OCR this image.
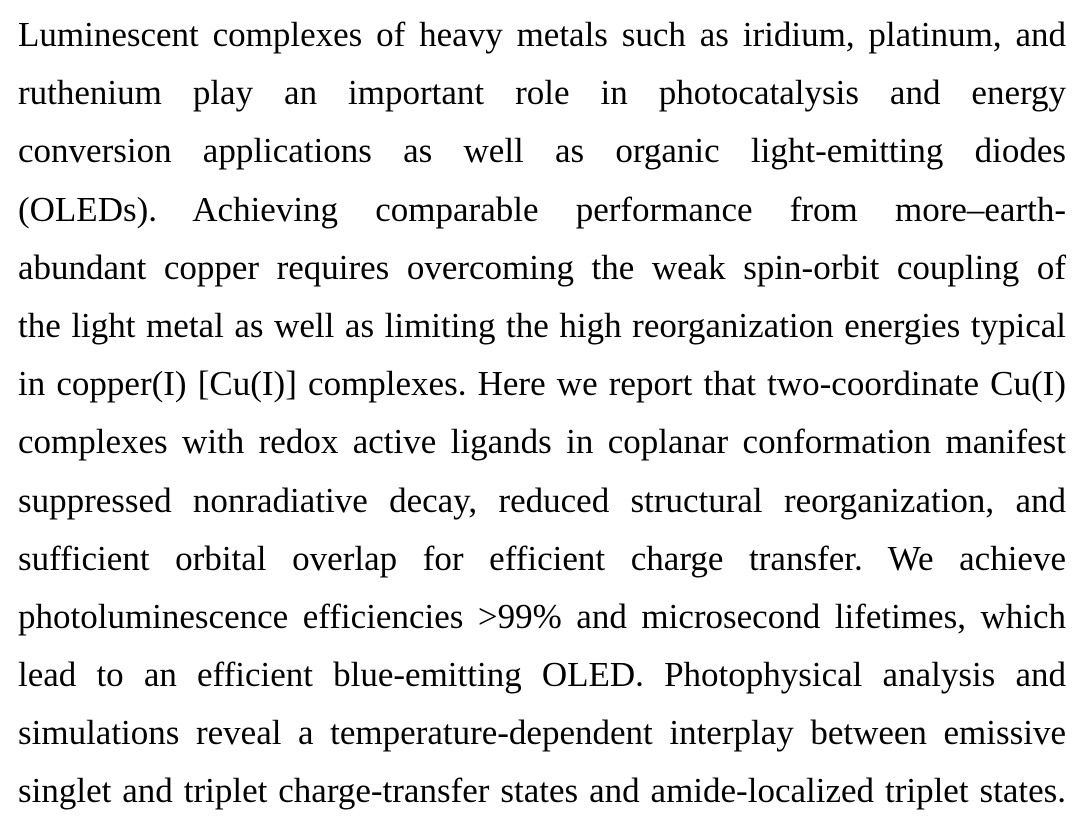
Luminescent complexes of heavy metals such as iridium, platinum, and
ruthenium play an important role in photocatalysis and energy
conversion applications as well as organic light-emitting diodes
(OLEDs). Achieving comparable performance from more–earth-
abundant copper requires overcoming the weak spin-orbit coupling of
the light metal as well as limiting the high reorganization energies typical
in copper(I) [Cu(I)] complexes. Here we report that two-coordinate Cu(I)
complexes with redox active ligands in coplanar conformation manifest
suppressed nonradiative decay, reduced structural reorganization, and
sufficient orbital overlap for efficient charge transfer. We achieve
photoluminescence efficiencies >99% and microsecond lifetimes, which
lead to an efficient blue-emitting OLED. Photophysical analysis and
simulations reveal a temperature-dependent interplay between emissive
singlet and triplet charge-transfer states and amide-localized triplet states.
